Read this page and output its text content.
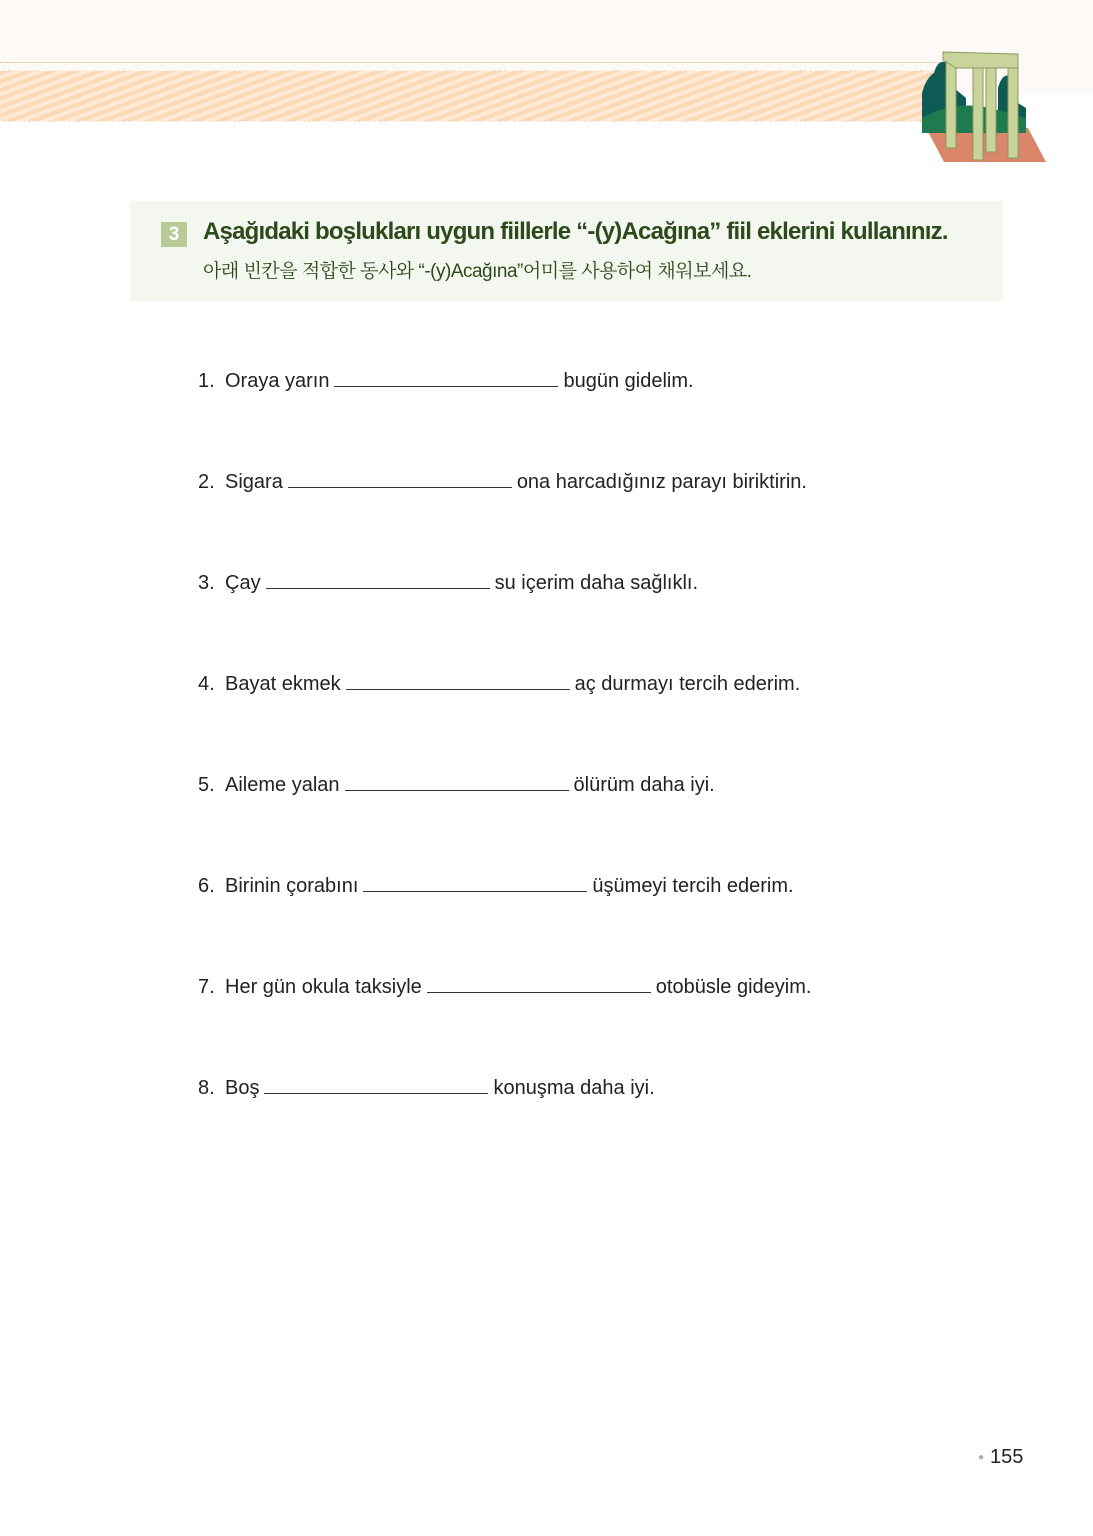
3 Aşağıdaki boşlukları uygun fiillerle “-(y)Acağına” fiil eklerini kullanınız.
아래 빈칸을 적합한 동사와 “-(y)Acağına”어미를 사용하여 채워보세요.
1. Oraya yarın	bugün gidelim.
2. Sigara	ona harcadığınız parayı biriktirin.
3. Çay	su içerim daha sağlıklı.
4. Bayat ekmek	aç durmayı tercih ederim.
5. Aileme yalan	ölürüm daha iyi.
6. Birinin çorabını	üşümeyi tercih ederim.
7. Her gün okula taksiyle	otobüsle gideyim.
8. Boş	konuşma daha iyi.
● 155
